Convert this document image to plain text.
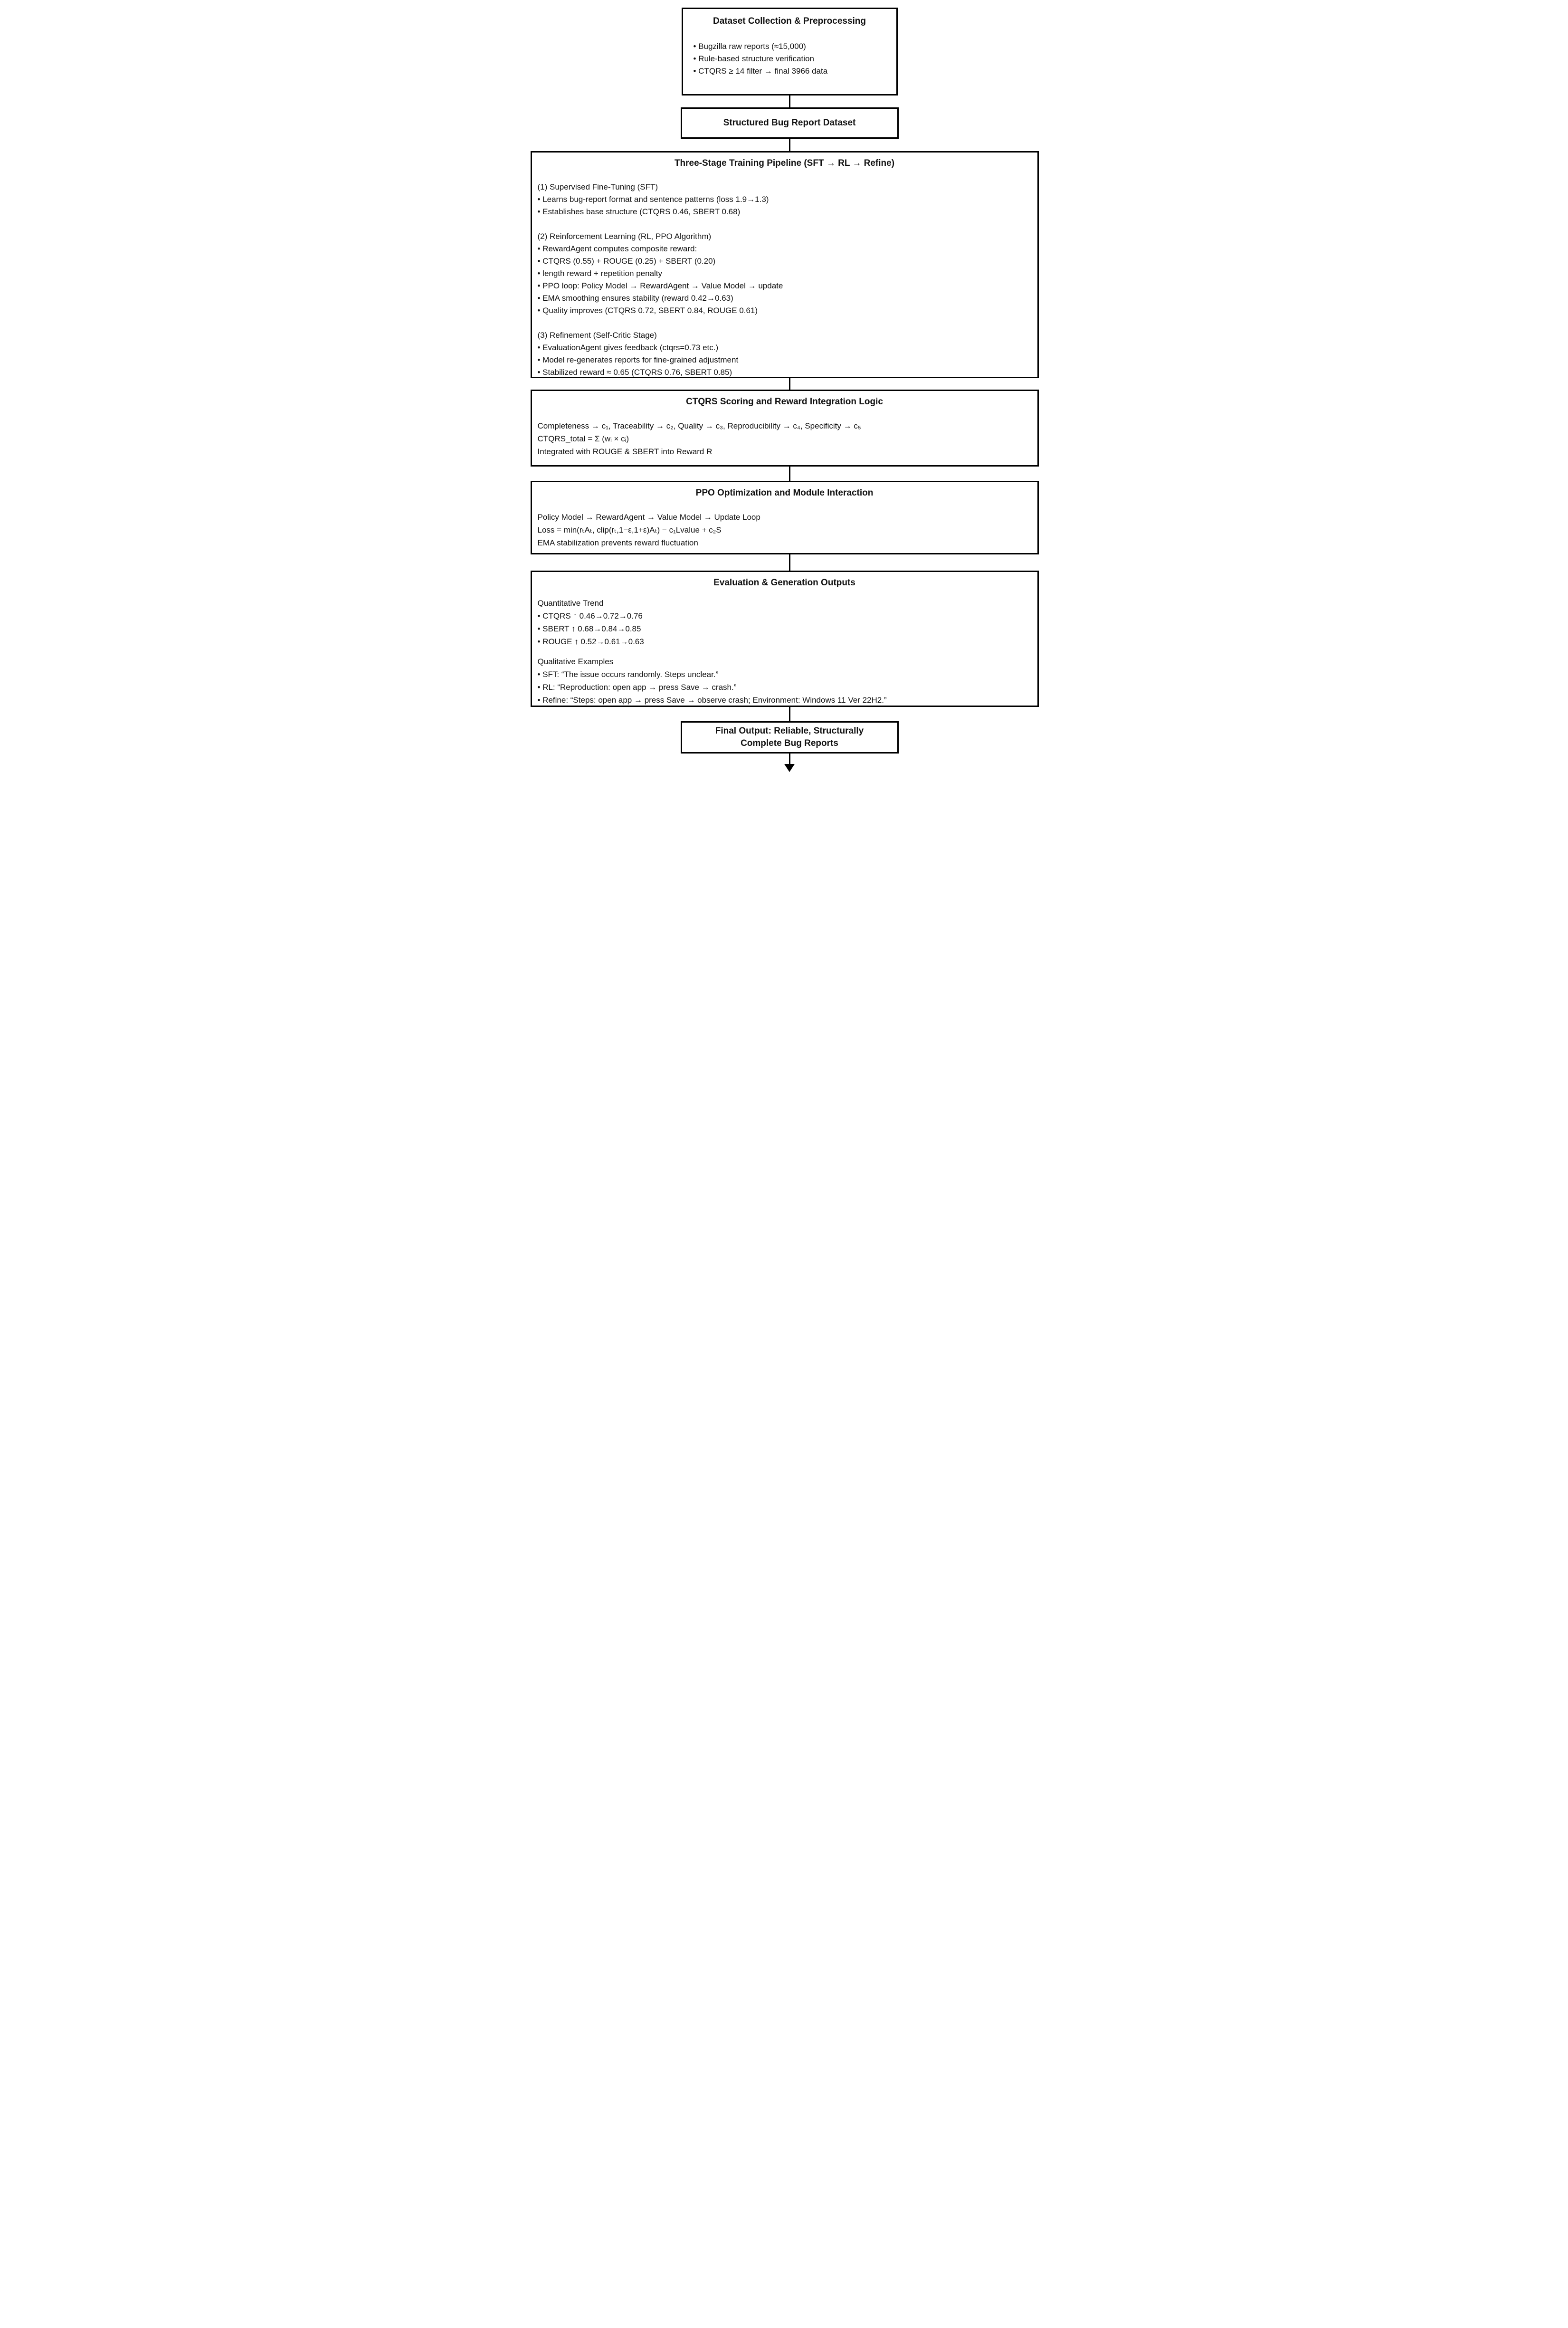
Dataset Collection & Preprocessing
• Bugzilla raw reports (≈15,000)
• Rule-based structure verification
• CTQRS ≥ 14 filter → final 3966 data
Structured Bug Report Dataset
Three-Stage Training Pipeline (SFT → RL → Refine)
(1) Supervised Fine-Tuning (SFT)
• Learns bug-report format and sentence patterns (loss 1.9→1.3)
• Establishes base structure (CTQRS 0.46, SBERT 0.68)
(2) Reinforcement Learning (RL, PPO Algorithm)
• RewardAgent computes composite reward:
• CTQRS (0.55) + ROUGE (0.25) + SBERT (0.20)
• length reward + repetition penalty
• PPO loop: Policy Model → RewardAgent → Value Model → update
• EMA smoothing ensures stability (reward 0.42→0.63)
• Quality improves (CTQRS 0.72, SBERT 0.84, ROUGE 0.61)
(3) Refinement (Self-Critic Stage)
• EvaluationAgent gives feedback (ctqrs=0.73 etc.)
• Model re-generates reports for fine-grained adjustment
• Stabilized reward ≈ 0.65 (CTQRS 0.76, SBERT 0.85)
CTQRS Scoring and Reward Integration Logic
Completeness → c₁, Traceability → c₂, Quality → c₃, Reproducibility → c₄, Specificity → c₅
CTQRS_total = Σ (wᵢ × cᵢ)
Integrated with ROUGE & SBERT into Reward R
PPO Optimization and Module Interaction
Policy Model → RewardAgent → Value Model → Update Loop
Loss = min(rₜAₜ, clip(rₜ,1−ε,1+ε)Aₜ) − c₁Lvalue + c₂S
EMA stabilization prevents reward fluctuation
Evaluation & Generation Outputs
Quantitative Trend
• CTQRS ↑ 0.46→0.72→0.76
• SBERT ↑ 0.68→0.84→0.85
• ROUGE ↑ 0.52→0.61→0.63
Qualitative Examples
• SFT: “The issue occurs randomly. Steps unclear.”
• RL: “Reproduction: open app → press Save → crash.”
• Refine: “Steps: open app → press Save → observe crash; Environment: Windows 11 Ver 22H2.”
Final Output: Reliable, Structurally
Complete Bug Reports
